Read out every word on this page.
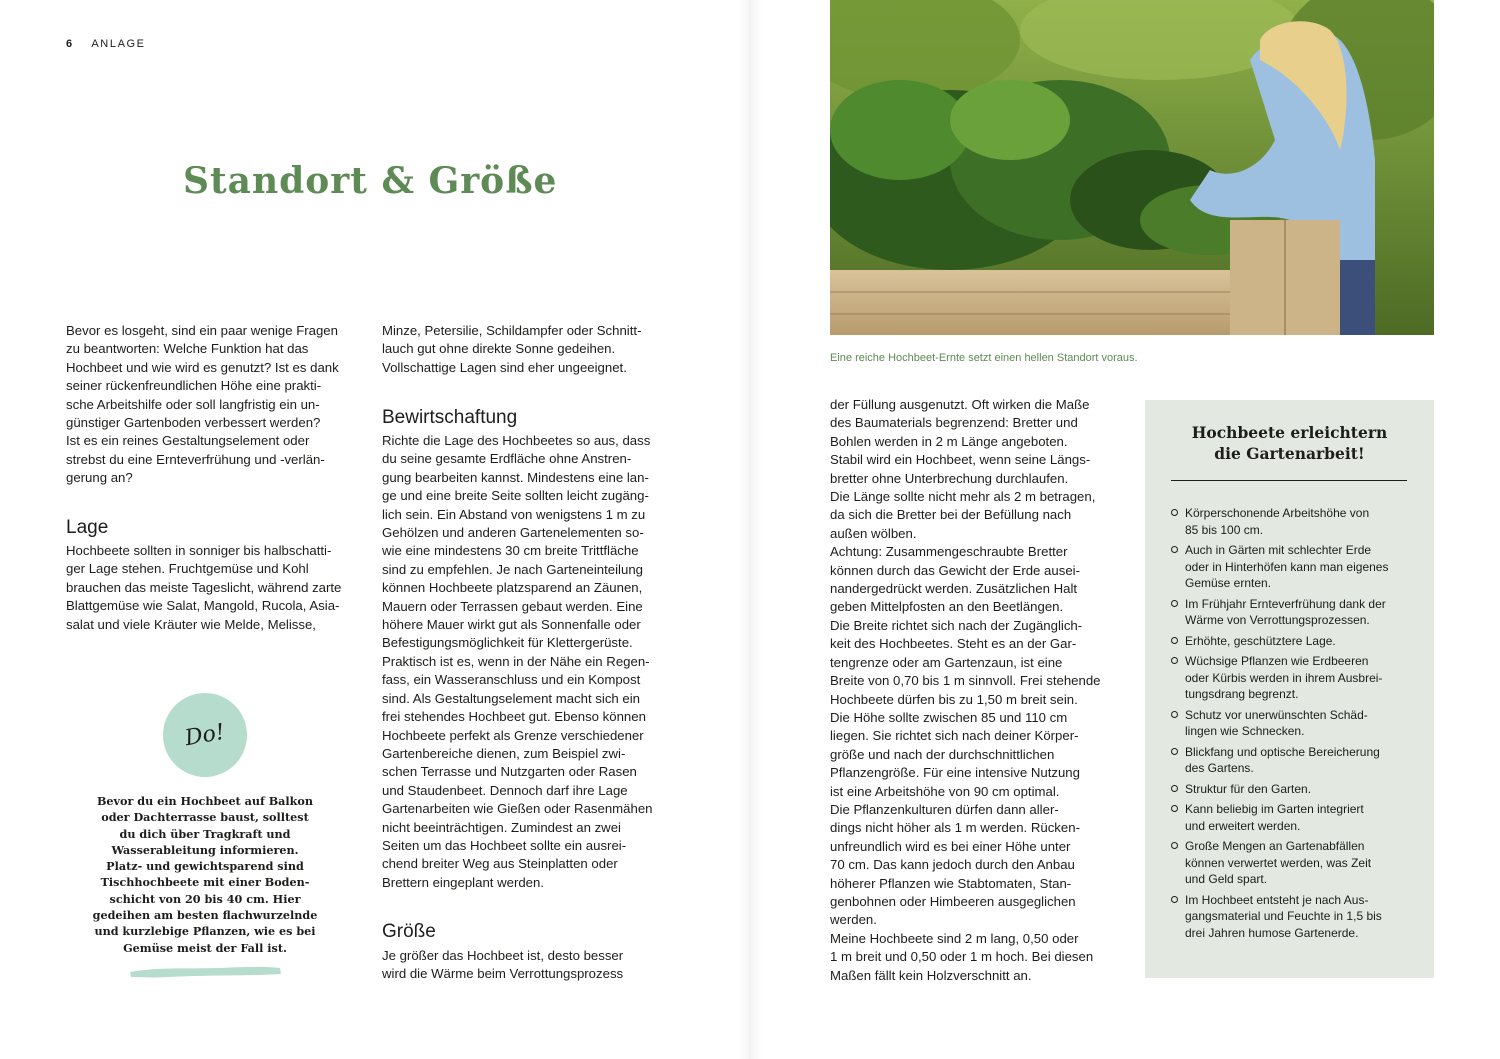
6 ANLAGE
Standort & Größe

Bevor es losgeht, sind ein paar wenige Fragen
zu beantworten: Welche Funktion hat das
Hochbeet und wie wird es genutzt? Ist es dank
seiner rückenfreundlichen Höhe eine prakti-
sche Arbeitshilfe oder soll langfristig ein un-
günstiger Gartenboden verbessert werden?
Ist es ein reines Gestaltungselement oder
strebst du eine Ernteverfrühung und -verlän-
gerung an?

Lage

Hochbeete sollten in sonniger bis halbschatti-
ger Lage stehen. Fruchtgemüse und Kohl
brauchen das meiste Tageslicht, während zarte
Blattgemüse wie Salat, Mangold, Rucola, Asia-
salat und viele Kräuter wie Melde, Melisse,

Do!

Bevor du ein Hochbeet auf Balkon
oder Dachterrasse baust, solltest
du dich über Tragkraft und
Wasserableitung informieren.
Platz- und gewichtsparend sind
Tischhochbeete mit einer Boden-
schicht von 20 bis 40 cm. Hier
gedeihen am besten flachwurzelnde
und kurzlebige Pflanzen, wie es bei
Gemüse meist der Fall ist.

Minze, Petersilie, Schildampfer oder Schnitt-
lauch gut ohne direkte Sonne gedeihen.
Vollschattige Lagen sind eher ungeeignet.

Bewirtschaftung

Richte die Lage des Hochbeetes so aus, dass
du seine gesamte Erdfläche ohne Anstren-
gung bearbeiten kannst. Mindestens eine lan-
ge und eine breite Seite sollten leicht zugäng-
lich sein. Ein Abstand von wenigstens 1 m zu
Gehölzen und anderen Gartenelementen so-
wie eine mindestens 30 cm breite Trittfläche
sind zu empfehlen. Je nach Garteneinteilung
können Hochbeete platzsparend an Zäunen,
Mauern oder Terrassen gebaut werden. Eine
höhere Mauer wirkt gut als Sonnenfalle oder
Befestigungsmöglichkeit für Klettergerüste.
Praktisch ist es, wenn in der Nähe ein Regen-
fass, ein Wasseranschluss und ein Kompost
sind. Als Gestaltungselement macht sich ein
frei stehendes Hochbeet gut. Ebenso können
Hochbeete perfekt als Grenze verschiedener
Gartenbereiche dienen, zum Beispiel zwi-
schen Terrasse und Nutzgarten oder Rasen
und Staudenbeet. Dennoch darf ihre Lage
Gartenarbeiten wie Gießen oder Rasenmähen
nicht beeinträchtigen. Zumindest an zwei
Seiten um das Hochbeet sollte ein ausrei-
chend breiter Weg aus Steinplatten oder
Brettern eingeplant werden.

Größe

Je größer das Hochbeet ist, desto besser
wird die Wärme beim Verrottungsprozess

Eine reiche Hochbeet-Ernte setzt einen hellen Standort voraus.

der Füllung ausgenutzt. Oft wirken die Maße
des Baumaterials begrenzend: Bretter und
Bohlen werden in 2 m Länge angeboten.
Stabil wird ein Hochbeet, wenn seine Längs-
bretter ohne Unterbrechung durchlaufen.
Die Länge sollte nicht mehr als 2 m betragen,
da sich die Bretter bei der Befüllung nach
außen wölben.
Achtung: Zusammengeschraubte Bretter
können durch das Gewicht der Erde ausei-
nandergedrückt werden. Zusätzlichen Halt
geben Mittelpfosten an den Beetlängen.
Die Breite richtet sich nach der Zugänglich-
keit des Hochbeetes. Steht es an der Gar-
tengrenze oder am Gartenzaun, ist eine
Breite von 0,70 bis 1 m sinnvoll. Frei stehende
Hochbeete dürfen bis zu 1,50 m breit sein.
Die Höhe sollte zwischen 85 und 110 cm
liegen. Sie richtet sich nach deiner Körper-
größe und nach der durchschnittlichen
Pflanzengröße. Für eine intensive Nutzung
ist eine Arbeitshöhe von 90 cm optimal.
Die Pflanzenkulturen dürfen dann aller-
dings nicht höher als 1 m werden. Rücken-
unfreundlich wird es bei einer Höhe unter
70 cm. Das kann jedoch durch den Anbau
höherer Pflanzen wie Stabtomaten, Stan-
genbohnen oder Himbeeren ausgeglichen
werden.
Meine Hochbeete sind 2 m lang, 0,50 oder
1 m breit und 0,50 oder 1 m hoch. Bei diesen
Maßen fällt kein Holzverschnitt an.

Hochbeete erleichtern
die Gartenarbeit!
Körperschonende Arbeitshöhe von
85 bis 100 cm.
Auch in Gärten mit schlechter Erde
oder in Hinterhöfen kann man eigenes
Gemüse ernten.
Im Frühjahr Ernteverfrühung dank der
Wärme von Verrottungsprozessen.
Erhöhte, geschütztere Lage.
Wüchsige Pflanzen wie Erdbeeren
oder Kürbis werden in ihrem Ausbrei-
tungsdrang begrenzt.
Schutz vor unerwünschten Schäd-
lingen wie Schnecken.
Blickfang und optische Bereicherung
des Gartens.
Struktur für den Garten.
Kann beliebig im Garten integriert
und erweitert werden.
Große Mengen an Gartenabfällen
können verwertet werden, was Zeit
und Geld spart.
Im Hochbeet entsteht je nach Aus-
gangsmaterial und Feuchte in 1,5 bis
drei Jahren humose Gartenerde.
